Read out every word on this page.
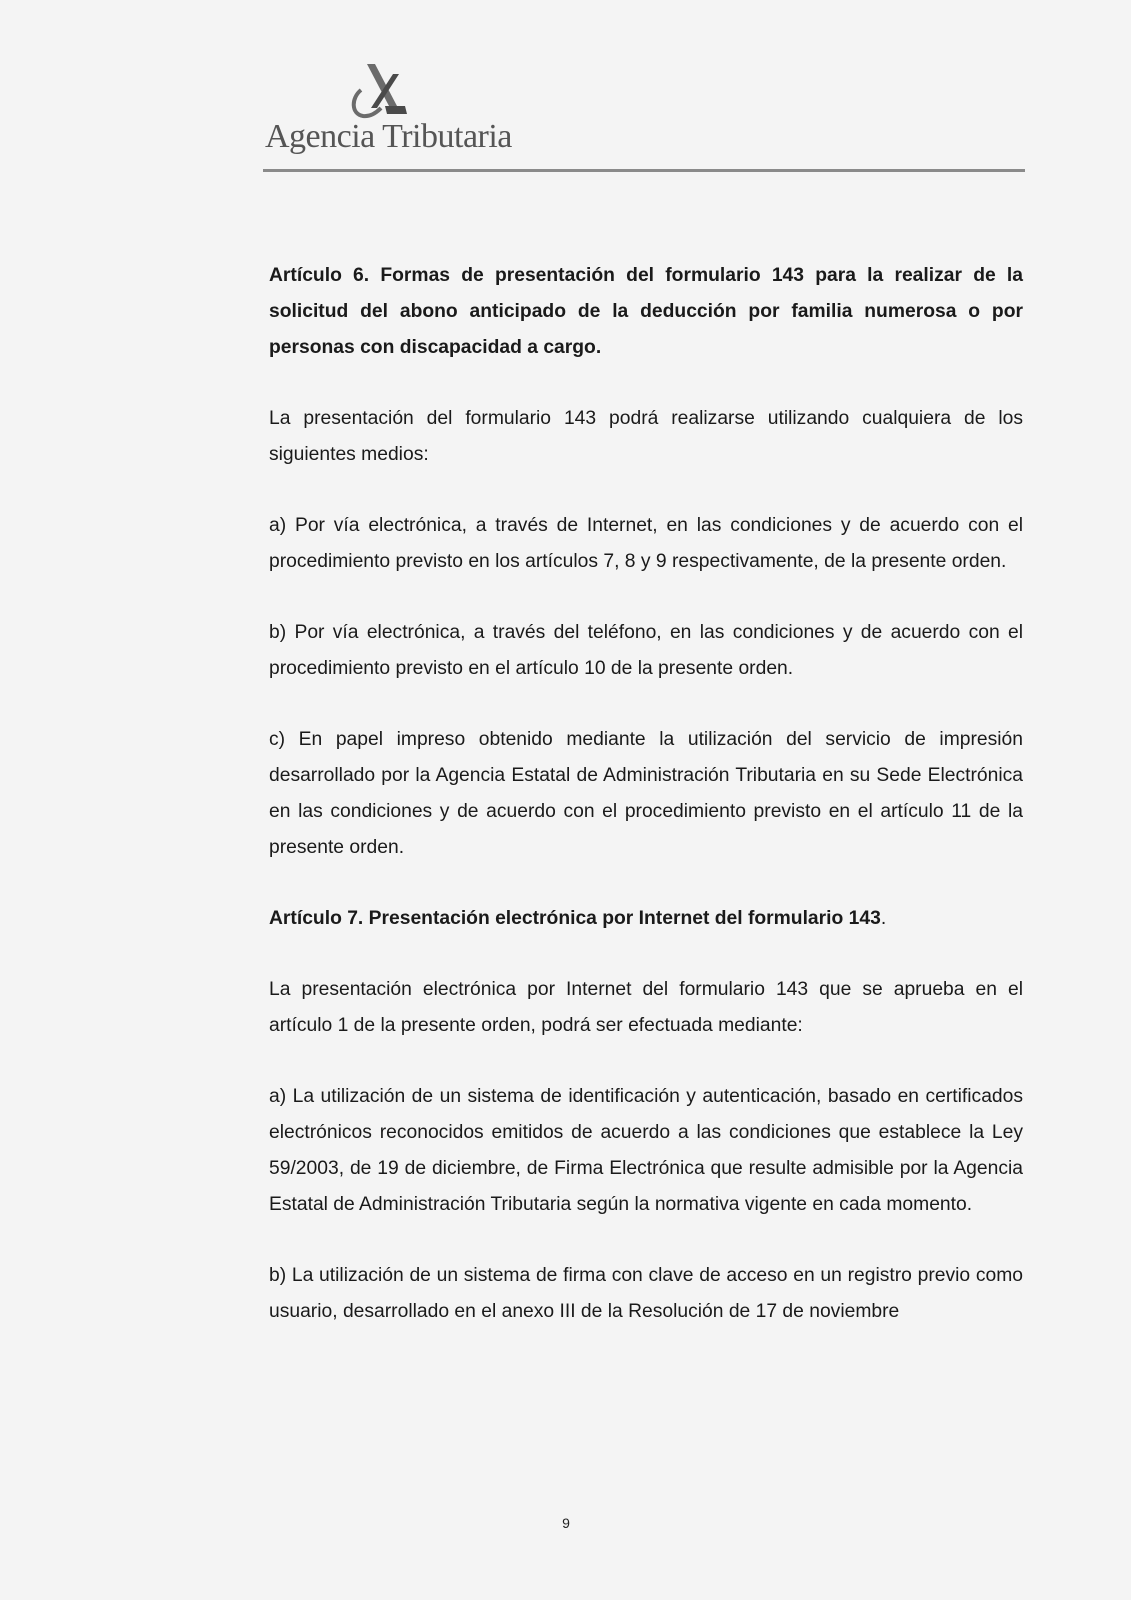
Agencia Tributaria

Artículo 6. Formas de presentación del formulario 143 para la realizar de la solicitud del abono anticipado de la deducción por familia numerosa o por personas con discapacidad a cargo.

La presentación del formulario 143 podrá realizarse utilizando cualquiera de los siguientes medios:

a) Por vía electrónica, a través de Internet, en las condiciones y de acuerdo con el procedimiento previsto en los artículos 7, 8 y 9 respectivamente, de la presente orden.

b) Por vía electrónica, a través del teléfono, en las condiciones y de acuerdo con el procedimiento previsto en el artículo 10 de la presente orden.

c) En papel impreso obtenido mediante la utilización del servicio de impresión desarrollado por la Agencia Estatal de Administración Tributaria en su Sede Electrónica en las condiciones y de acuerdo con el procedimiento previsto en el artículo 11 de la presente orden.

Artículo 7. Presentación electrónica por Internet del formulario 143.

La presentación electrónica por Internet del formulario 143 que se aprueba en el artículo 1 de la presente orden, podrá ser efectuada mediante:

a) La utilización de un sistema de identificación y autenticación, basado en certificados electrónicos reconocidos emitidos de acuerdo a las condiciones que establece la Ley 59/2003, de 19 de diciembre, de Firma Electrónica que resulte admisible por la Agencia Estatal de Administración Tributaria según la normativa vigente en cada momento.

b) La utilización de un sistema de firma con clave de acceso en un registro previo como usuario, desarrollado en el anexo III de la Resolución de 17 de noviembre

9
